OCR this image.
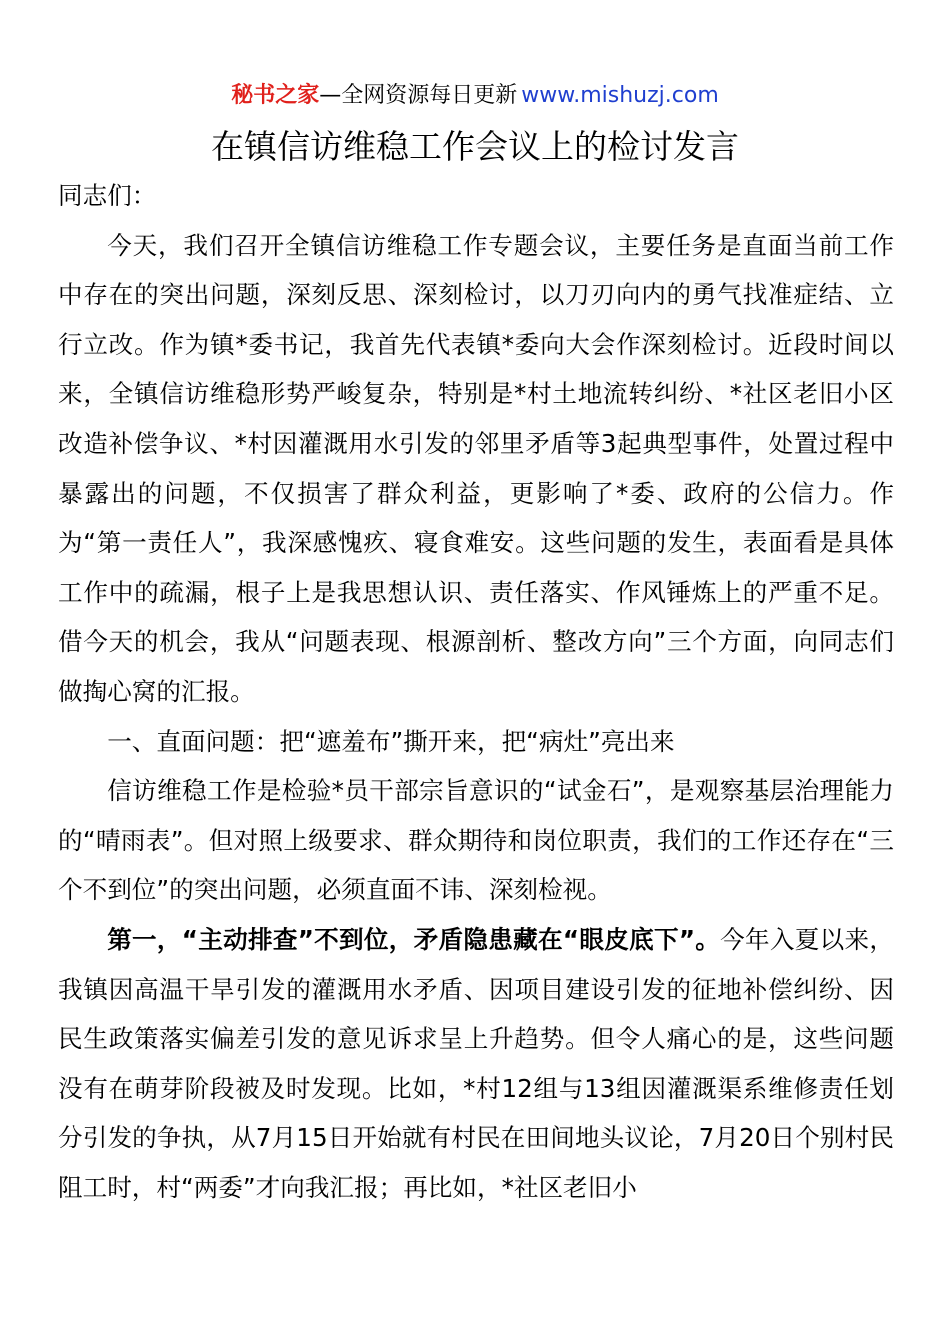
秘书之家—全网资源每日更新 www.mishuzj.com
在镇信访维稳工作会议上的检讨发言

同志们：

今天，我们召开全镇信访维稳工作专题会议，主要任务是直面当前工作中存在的突出问题，深刻反思、深刻检讨，以刀刃向内的勇气找准症结、立行立改。作为镇*委书记，我首先代表镇*委向大会作深刻检讨。近段时间以来，全镇信访维稳形势严峻复杂，特别是*村土地流转纠纷、*社区老旧小区改造补偿争议、*村因灌溉用水引发的邻里矛盾等3起典型事件，处置过程中暴露出的问题，不仅损害了群众利益，更影响了*委、政府的公信力。作为“第一责任人”，我深感愧疚、寝食难安。这些问题的发生，表面看是具体工作中的疏漏，根子上是我思想认识、责任落实、作风锤炼上的严重不足。借今天的机会，我从“问题表现、根源剖析、整改方向”三个方面，向同志们做掏心窝的汇报。

一、直面问题：把“遮羞布”撕开来，把“病灶”亮出来

信访维稳工作是检验*员干部宗旨意识的“试金石”，是观察基层治理能力的“晴雨表”。但对照上级要求、群众期待和岗位职责，我们的工作还存在“三个不到位”的突出问题，必须直面不讳、深刻检视。

第一，“主动排查”不到位，矛盾隐患藏在“眼皮底下”。今年入夏以来，我镇因高温干旱引发的灌溉用水矛盾、因项目建设引发的征地补偿纠纷、因民生政策落实偏差引发的意见诉求呈上升趋势。但令人痛心的是，这些问题没有在萌芽阶段被及时发现。比如，*村12组与13组因灌溉渠系维修责任划分引发的争执，从7月15日开始就有村民在田间地头议论，7月20日个别村民阻工时，村“两委”才向我汇报；再比如，*社区老旧小
